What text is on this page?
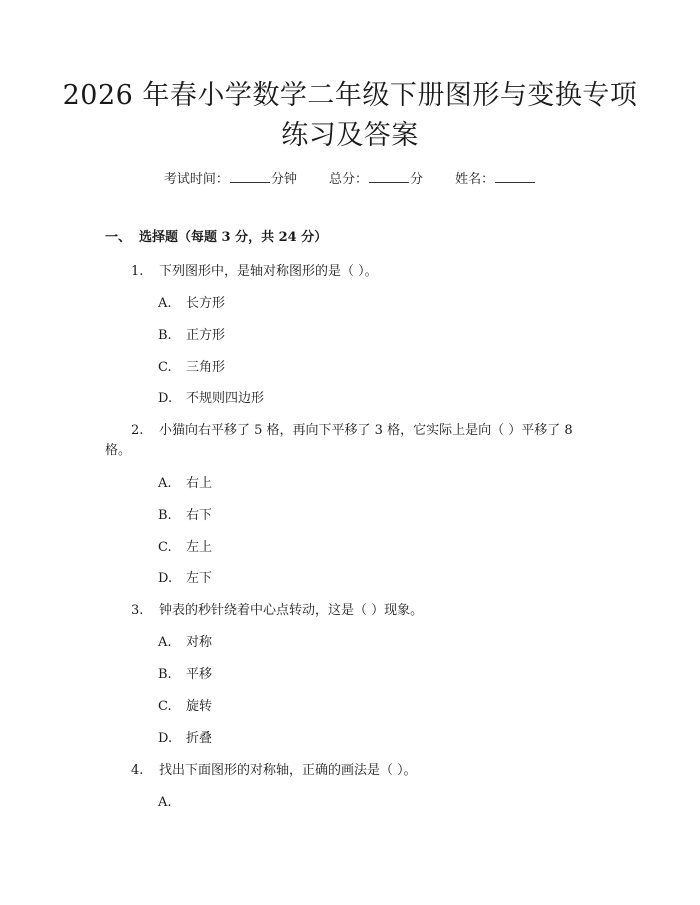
2026 年春小学数学二年级下册图形与变换专项练习及答案
考试时间：	分钟 总分：	分 姓名：
一、 选择题（每题 3 分，共 24 分）
1. 下列图形中，是轴对称图形的是（ ）。
A. 长方形
B. 正方形
C. 三角形
D. 不规则四边形
2. 小猫向右平移了 5 格，再向下平移了 3 格，它实际上是向（ ）平移了 8 格。
A. 右上
B. 右下
C. 左上
D. 左下
3. 钟表的秒针绕着中心点转动，这是（ ）现象。
A. 对称
B. 平移
C. 旋转
D. 折叠
4. 找出下面图形的对称轴，正确的画法是（ ）。
A.
